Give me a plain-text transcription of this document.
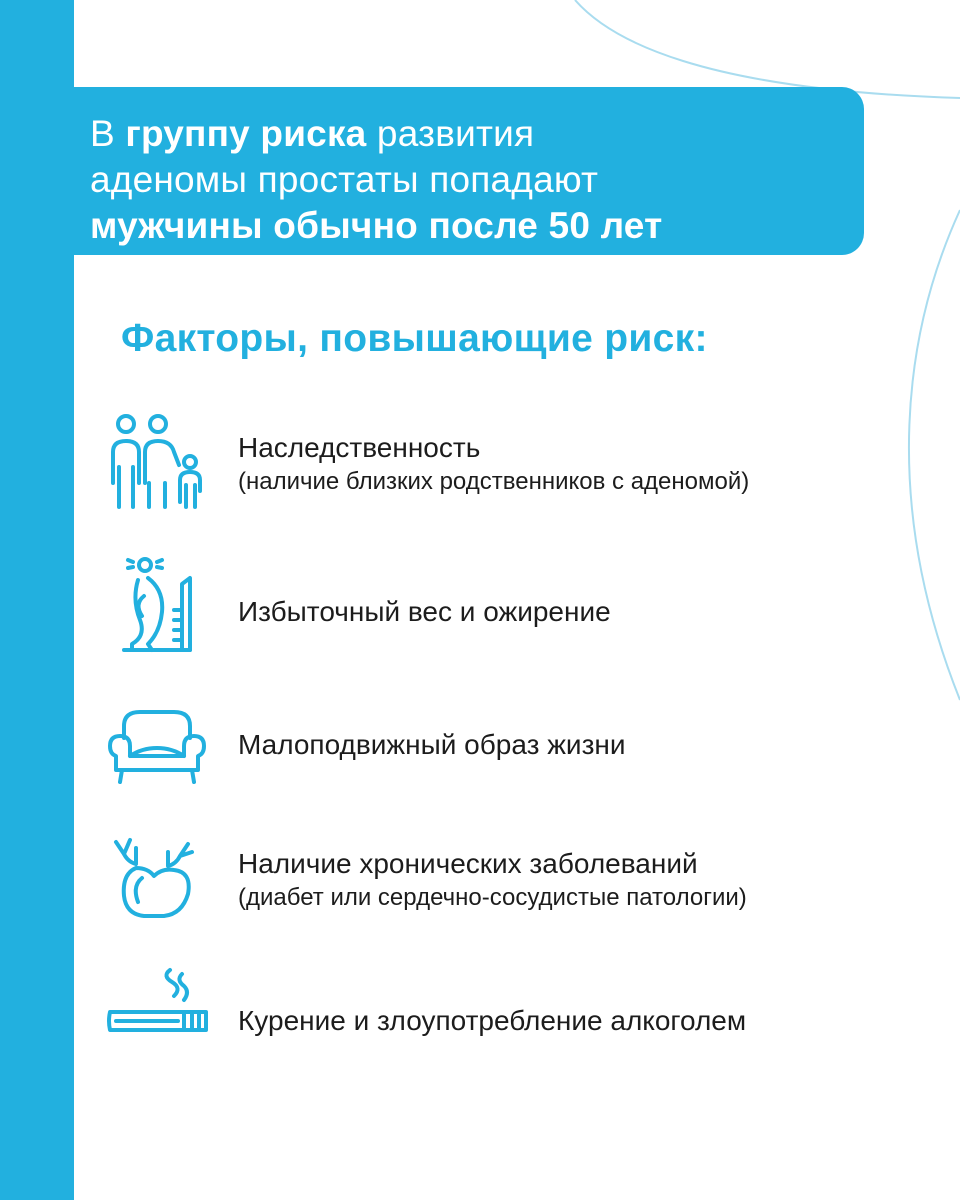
В группу риска развития
аденомы простаты попадают
мужчины обычно после 50 лет
Факторы, повышающие риск:
Наследственность
(наличие близких родственников с аденомой)
Избыточный вес и ожирение
Малоподвижный образ жизни
Наличие хронических заболеваний
(диабет или сердечно-сосудистые патологии)
Курение и злоупотребление алкоголем
